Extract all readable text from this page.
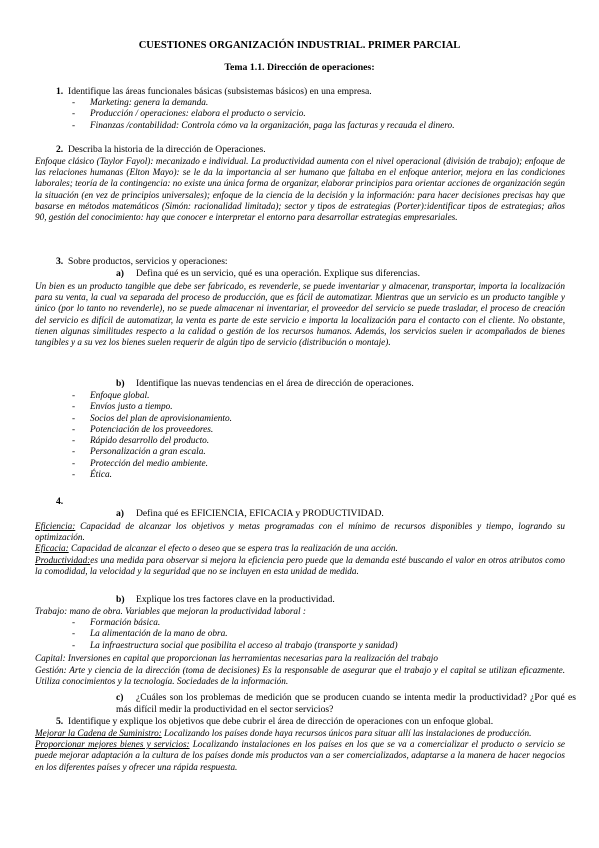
CUESTIONES ORGANIZACIÓN INDUSTRIAL. PRIMER PARCIAL
Tema 1.1. Dirección de operaciones:
1. Identifique las áreas funcionales básicas (subsistemas básicos) en una empresa.
- Marketing: genera la demanda.
- Producción / operaciones: elabora el producto o servicio.
- Finanzas /contabilidad: Controla cómo va la organización, paga las facturas y recauda el dinero.
2. Describa la historia de la dirección de Operaciones.
Enfoque clásico (Taylor Fayol): mecanizado e individual. La productividad aumenta con el nivel operacional (división de trabajo); enfoque de las relaciones humanas (Elton Mayo): se le da la importancia al ser humano que faltaba en el enfoque anterior, mejora en las condiciones laborales; teoría de la contingencia: no existe una única forma de organizar, elaborar principios para orientar acciones de organización según la situación (en vez de principios universales); enfoque de la ciencia de la decisión y la información: para hacer decisiones precisas hay que basarse en métodos matemáticos (Simón: racionalidad limitada); sector y tipos de estrategias (Porter):identificar tipos de estrategias; años 90, gestión del conocimiento: hay que conocer e interpretar el entorno para desarrollar estrategias empresariales.
3. Sobre productos, servicios y operaciones:
a) Defina qué es un servicio, qué es una operación. Explique sus diferencias.
Un bien es un producto tangible que debe ser fabricado, es revenderle, se puede inventariar y almacenar, transportar, importa la localización para su venta, la cual va separada del proceso de producción, que es fácil de automatizar. Mientras que un servicio es un producto tangible y único (por lo tanto no revenderle), no se puede almacenar ni inventariar, el proveedor del servicio se puede trasladar, el proceso de creación del servicio es difícil de automatizar, la venta es parte de este servicio e importa la localización para el contacto con el cliente. No obstante, tienen algunas similitudes respecto a la calidad o gestión de los recursos humanos. Además, los servicios suelen ir acompañados de bienes tangibles y a su vez los bienes suelen requerir de algún tipo de servicio (distribución o montaje).
b) Identifique las nuevas tendencias en el área de dirección de operaciones.
- Enfoque global.
- Envíos justo a tiempo.
- Socios del plan de aprovisionamiento.
- Potenciación de los proveedores.
- Rápido desarrollo del producto.
- Personalización a gran escala.
- Protección del medio ambiente.
- Ética.
4.
a) Defina qué es EFICIENCIA, EFICACIA y PRODUCTIVIDAD.
Eficiencia: Capacidad de alcanzar los objetivos y metas programadas con el mínimo de recursos disponibles y tiempo, logrando su optimización.
Eficacia: Capacidad de alcanzar el efecto o deseo que se espera tras la realización de una acción.
Productividad:es una medida para observar si mejora la eficiencia pero puede que la demanda esté buscando el valor en otros atributos como la comodidad, la velocidad y la seguridad que no se incluyen en esta unidad de medida.
b) Explique los tres factores clave en la productividad.
Trabajo: mano de obra. Variables que mejoran la productividad laboral :
- Formación básica.
- La alimentación de la mano de obra.
- La infraestructura social que posibilita el acceso al trabajo (transporte y sanidad)
Capital: Inversiones en capital que proporcionan las herramientas necesarias para la realización del trabajo
Gestión: Arte y ciencia de la dirección (toma de decisiones) Es la responsable de asegurar que el trabajo y el capital se utilizan eficazmente. Utiliza conocimientos y la tecnología. Sociedades de la información.
c) ¿Cuáles son los problemas de medición que se producen cuando se intenta medir la productividad? ¿Por qué es más difícil medir la productividad en el sector servicios?
5. Identifique y explique los objetivos que debe cubrir el área de dirección de operaciones con un enfoque global.
Mejorar la Cadena de Suministro: Localizando los países donde haya recursos únicos para situar allí las instalaciones de producción.
Proporcionar mejores bienes y servicios: Localizando instalaciones en los países en los que se va a comercializar el producto o servicio se puede mejorar adaptación a la cultura de los países donde mis productos van a ser comercializados, adaptarse a la manera de hacer negocios en los diferentes países y ofrecer una rápida respuesta.
